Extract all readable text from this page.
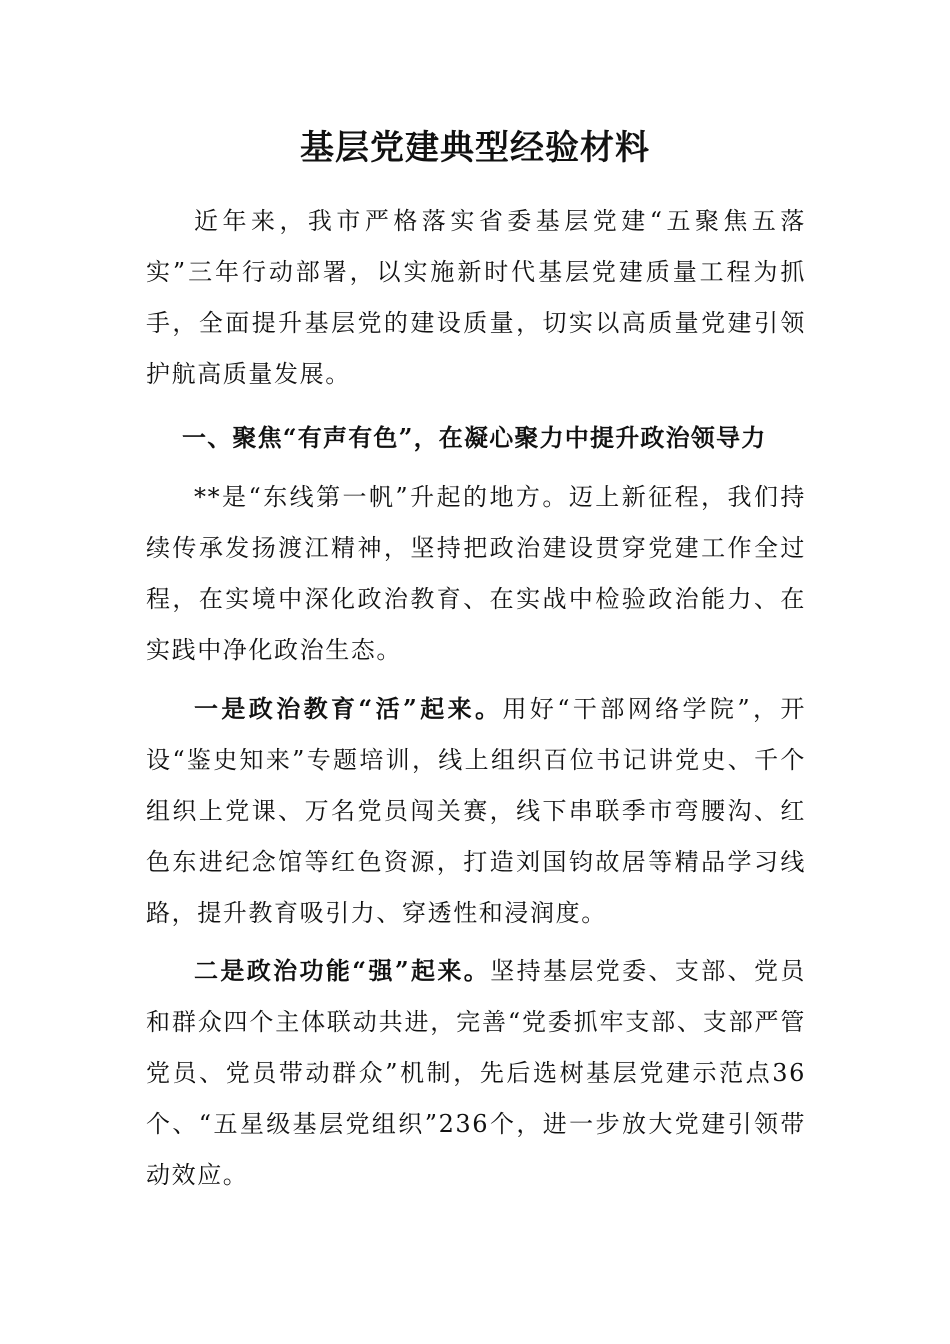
基层党建典型经验材料

近年来，我市严格落实省委基层党建“五聚焦五落实”三年行动部署，以实施新时代基层党建质量工程为抓手，全面提升基层党的建设质量，切实以高质量党建引领护航高质量发展。

一、聚焦“有声有色”，在凝心聚力中提升政治领导力

**是“东线第一帆”升起的地方。迈上新征程，我们持续传承发扬渡江精神，坚持把政治建设贯穿党建工作全过程，在实境中深化政治教育、在实战中检验政治能力、在实践中净化政治生态。

一是政治教育“活”起来。用好“干部网络学院”，开设“鉴史知来”专题培训，线上组织百位书记讲党史、千个组织上党课、万名党员闯关赛，线下串联季市弯腰沟、红色东进纪念馆等红色资源，打造刘国钧故居等精品学习线路，提升教育吸引力、穿透性和浸润度。

二是政治功能“强”起来。坚持基层党委、支部、党员和群众四个主体联动共进，完善“党委抓牢支部、支部严管党员、党员带动群众”机制，先后选树基层党建示范点36个、“五星级基层党组织”236个，进一步放大党建引领带动效应。
